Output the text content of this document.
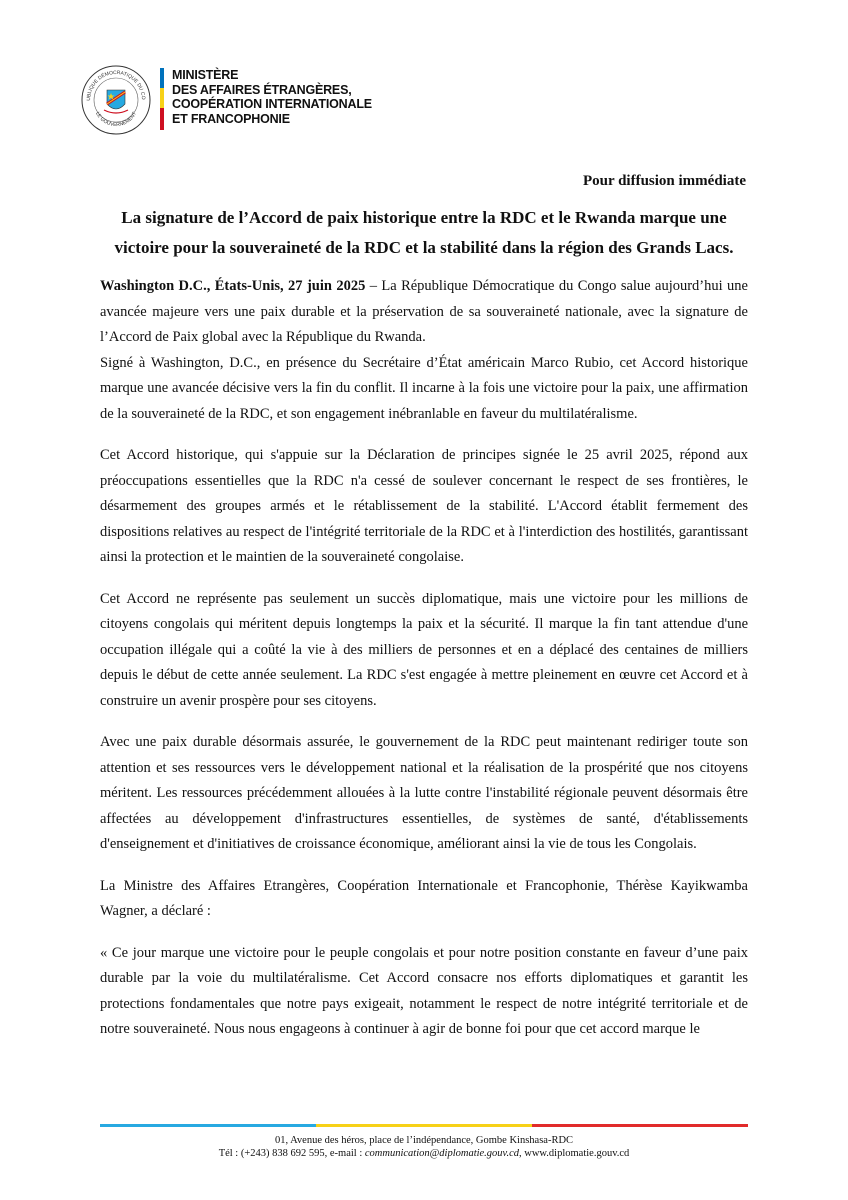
UBLIQUE DÉMOCRATIQUE DU CO
LE GOUVERNEMENT
MINISTÈRE
DES AFFAIRES ÉTRANGÈRES,
COOPÉRATION INTERNATIONALE
ET FRANCOPHONIE
Pour diffusion immédiate
La signature de l’Accord de paix historique entre la RDC et le Rwanda marque une
victoire pour la souveraineté de la RDC et la stabilité dans la région des Grands Lacs.

Washington D.C., États-Unis, 27 juin 2025 – La République Démocratique du Congo salue aujourd’hui une avancée majeure vers une paix durable et la préservation de sa souveraineté nationale, avec la signature de l’Accord de Paix global avec la République du Rwanda.

Signé à Washington, D.C., en présence du Secrétaire d’État américain Marco Rubio, cet Accord historique marque une avancée décisive vers la fin du conflit. Il incarne à la fois une victoire pour la paix, une affirmation de la souveraineté de la RDC, et son engagement inébranlable en faveur du multilatéralisme.

Cet Accord historique, qui s'appuie sur la Déclaration de principes signée le 25 avril 2025, répond aux préoccupations essentielles que la RDC n'a cessé de soulever concernant le respect de ses frontières, le désarmement des groupes armés et le rétablissement de la stabilité. L'Accord établit fermement des dispositions relatives au respect de l'intégrité territoriale de la RDC et à l'interdiction des hostilités, garantissant ainsi la protection et le maintien de la souveraineté congolaise.

Cet Accord ne représente pas seulement un succès diplomatique, mais une victoire pour les millions de citoyens congolais qui méritent depuis longtemps la paix et la sécurité. Il marque la fin tant attendue d'une occupation illégale qui a coûté la vie à des milliers de personnes et en a déplacé des centaines de milliers depuis le début de cette année seulement. La RDC s'est engagée à mettre pleinement en œuvre cet Accord et à construire un avenir prospère pour ses citoyens.

Avec une paix durable désormais assurée, le gouvernement de la RDC peut maintenant rediriger toute son attention et ses ressources vers le développement national et la réalisation de la prospérité que nos citoyens méritent. Les ressources précédemment allouées à la lutte contre l'instabilité régionale peuvent désormais être affectées au développement d'infrastructures essentielles, de systèmes de santé, d'établissements d'enseignement et d'initiatives de croissance économique, améliorant ainsi la vie de tous les Congolais.

La Ministre des Affaires Etrangères, Coopération Internationale et Francophonie, Thérèse Kayikwamba Wagner, a déclaré :

« Ce jour marque une victoire pour le peuple congolais et pour notre position constante en faveur d’une paix durable par la voie du multilatéralisme. Cet Accord consacre nos efforts diplomatiques et garantit les protections fondamentales que notre pays exigeait, notamment le respect de notre intégrité territoriale et de notre souveraineté. Nous nous engageons à continuer à agir de bonne foi pour que cet accord marque le

01, Avenue des héros, place de l’indépendance, Gombe Kinshasa-RDC
Tél : (+243) 838 692 595, e-mail : communication@diplomatie.gouv.cd, www.diplomatie.gouv.cd
